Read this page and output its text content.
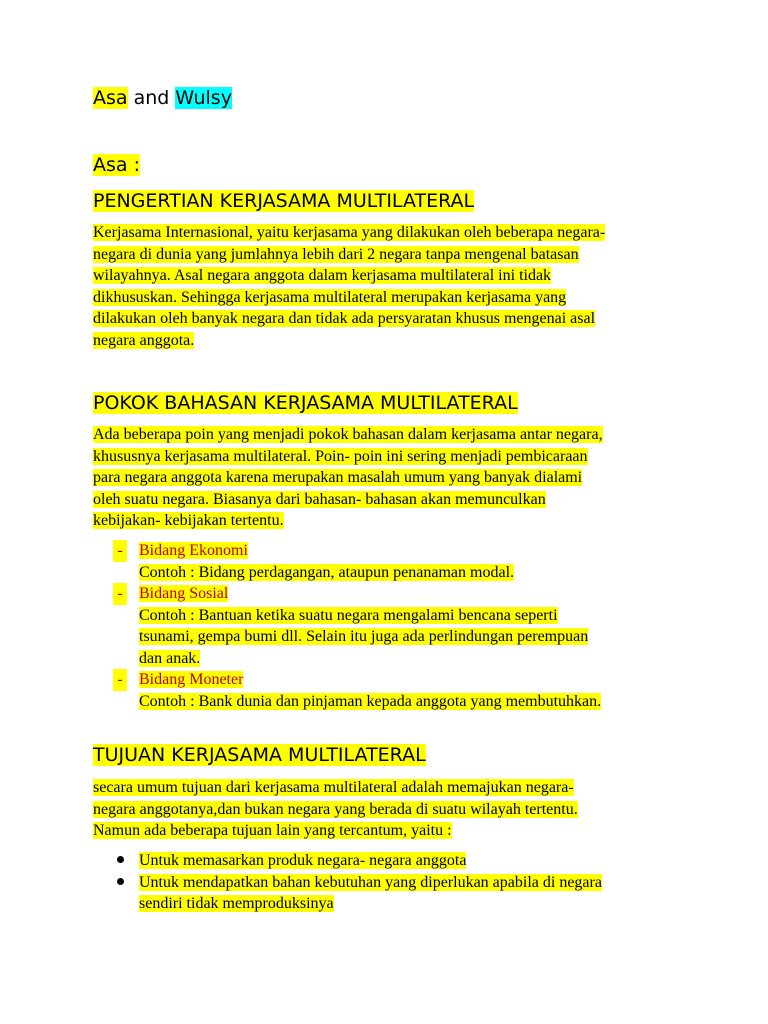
Asa and Wulsy
Asa :
PENGERTIAN KERJASAMA MULTILATERAL
Kerjasama Internasional, yaitu kerjasama yang dilakukan oleh beberapa negara-
negara di dunia yang jumlahnya lebih dari 2 negara tanpa mengenal batasan
wilayahnya. Asal negara anggota dalam kerjasama multilateral ini tidak
dikhususkan. Sehingga kerjasama multilateral merupakan kerjasama yang
dilakukan oleh banyak negara dan tidak ada persyaratan khusus mengenai asal
negara anggota.
POKOK BAHASAN KERJASAMA MULTILATERAL
Ada beberapa poin yang menjadi pokok bahasan dalam kerjasama antar negara,
khususnya kerjasama multilateral. Poin- poin ini sering menjadi pembicaraan
para negara anggota karena merupakan masalah umum yang banyak dialami
oleh suatu negara. Biasanya dari bahasan- bahasan akan memunculkan
kebijakan- kebijakan tertentu.
- Bidang Ekonomi
Contoh : Bidang perdagangan, ataupun penanaman modal.
- Bidang Sosial
Contoh : Bantuan ketika suatu negara mengalami bencana seperti
tsunami, gempa bumi dll. Selain itu juga ada perlindungan perempuan
dan anak.
- Bidang Moneter
Contoh : Bank dunia dan pinjaman kepada anggota yang membutuhkan.
TUJUAN KERJASAMA MULTILATERAL
secara umum tujuan dari kerjasama multilateral adalah memajukan negara-
negara anggotanya,dan bukan negara yang berada di suatu wilayah tertentu.
Namun ada beberapa tujuan lain yang tercantum, yaitu :
Untuk memasarkan produk negara- negara anggota
Untuk mendapatkan bahan kebutuhan yang diperlukan apabila di negara
sendiri tidak memproduksinya
